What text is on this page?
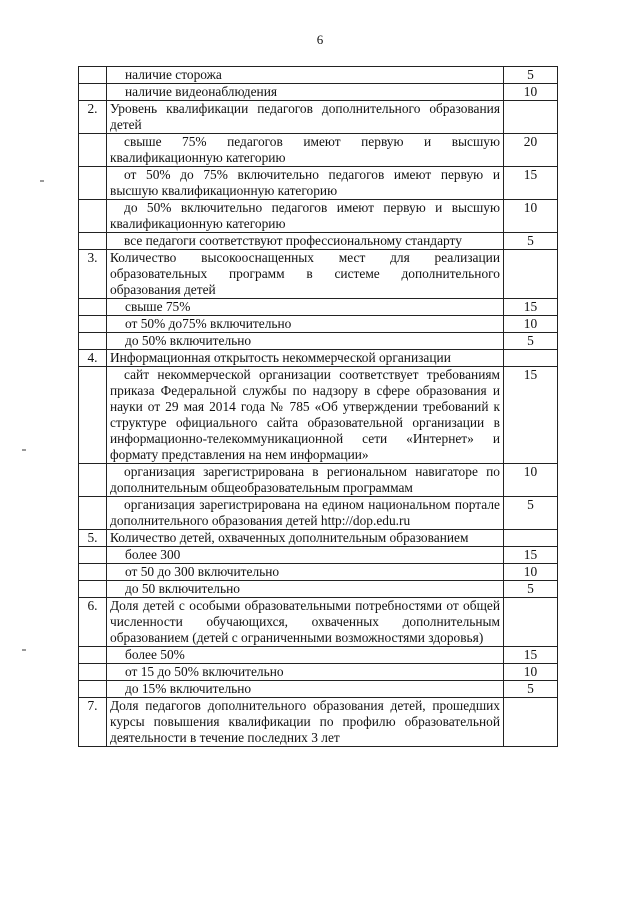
6
	наличие сторожа	5
	наличие видеонаблюдения	10
2.	Уровень квалификации педагогов дополнительного образования детей	
	свыше 75% педагогов имеют первую и высшую квалификационную категорию	20
	от 50% до 75% включительно педагогов имеют первую и высшую квалификационную категорию	15
	до 50% включительно педагогов имеют первую и высшую квалификационную категорию	10
	все педагоги соответствуют профессиональному стандарту	5
3.	Количество высокооснащенных мест для реализации образовательных программ в системе дополнительного образования детей	
	свыше 75%	15
	от 50% до75% включительно	10
	до 50% включительно	5
4.	Информационная открытость некоммерческой организации	
	сайт некоммерческой организации соответствует требованиям приказа Федеральной службы по надзору в сфере образования и науки от 29 мая 2014 года № 785 «Об утверждении требований к структуре официального сайта образовательной организации в информационно-телекоммуникационной сети «Интернет» и формату представления на нем информации»	15
	организация зарегистрирована в региональном навигаторе по дополнительным общеобразовательным программам	10
	организация зарегистрирована на едином национальном портале дополнительного образования детей http://dop.edu.ru	5
5.	Количество детей, охваченных дополнительным образованием	
	более 300	15
	от 50 до 300 включительно	10
	до 50 включительно	5
6.	Доля детей с особыми образовательными потребностями от общей численности обучающихся, охваченных дополнительным образованием (детей с ограниченными возможностями здоровья)	
	более 50%	15
	от 15 до 50% включительно	10
	до 15% включительно	5
7.	Доля педагогов дополнительного образования детей, прошедших курсы повышения квалификации по профилю образовательной деятельности в течение последних 3 лет	
